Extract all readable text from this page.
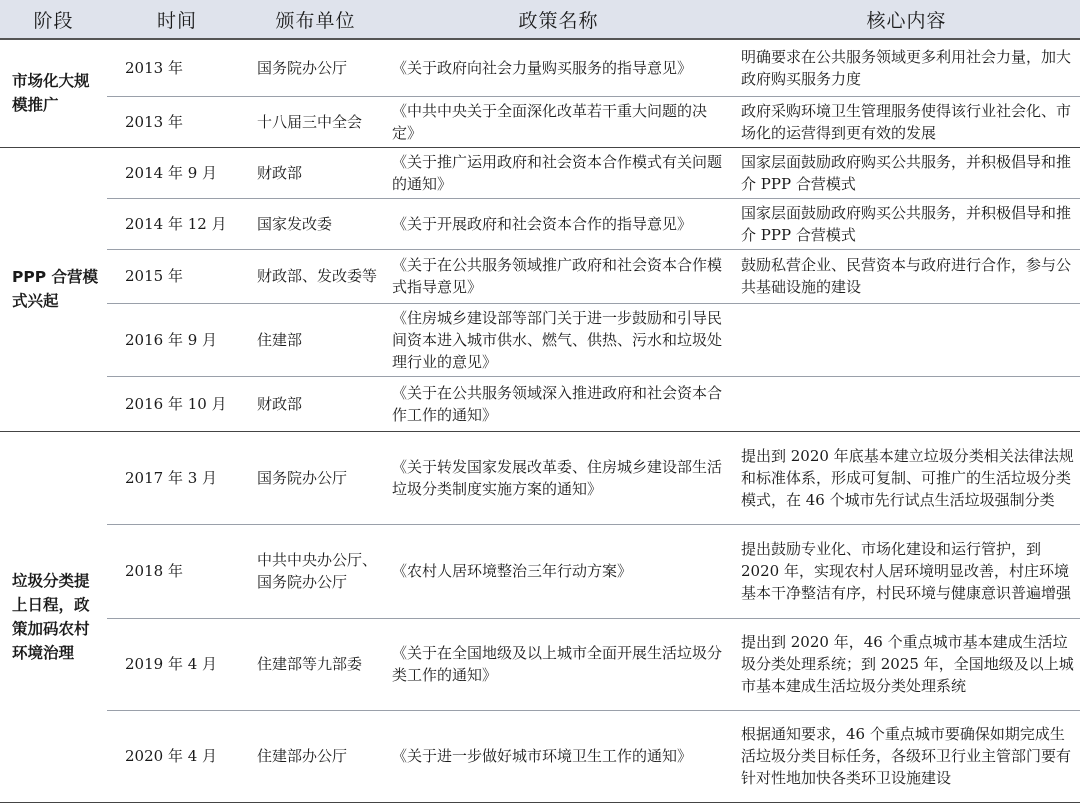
阶段	时间	颁布单位	政策名称	核心内容
市场化大规模推广	2013 年	国务院办公厅	《关于政府向社会力量购买服务的指导意见》	明确要求在公共服务领域更多利用社会力量，加大政府购买服务力度
	2013 年	十八届三中全会	《中共中央关于全面深化改革若干重大问题的决定》	政府采购环境卫生管理服务使得该行业社会化、市场化的运营得到更有效的发展
PPP 合营模式兴起	2014 年 9 月	财政部	《关于推广运用政府和社会资本合作模式有关问题的通知》	国家层面鼓励政府购买公共服务，并积极倡导和推介 PPP 合营模式
	2014 年 12 月	国家发改委	《关于开展政府和社会资本合作的指导意见》	国家层面鼓励政府购买公共服务，并积极倡导和推介 PPP 合营模式
	2015 年	财政部、发改委等	《关于在公共服务领域推广政府和社会资本合作模式指导意见》	鼓励私营企业、民营资本与政府进行合作，参与公共基础设施的建设
	2016 年 9 月	住建部	《住房城乡建设部等部门关于进一步鼓励和引导民间资本进入城市供水、燃气、供热、污水和垃圾处理行业的意见》	
	2016 年 10 月	财政部	《关于在公共服务领域深入推进政府和社会资本合作工作的通知》	
垃圾分类提上日程，政策加码农村环境治理	2017 年 3 月	国务院办公厅	《关于转发国家发展改革委、住房城乡建设部生活垃圾分类制度实施方案的通知》	提出到 2020 年底基本建立垃圾分类相关法律法规和标准体系，形成可复制、可推广的生活垃圾分类模式，在 46 个城市先行试点生活垃圾强制分类
	2018 年	中共中央办公厅、国务院办公厅	《农村人居环境整治三年行动方案》	提出鼓励专业化、市场化建设和运行管护，到 2020 年，实现农村人居环境明显改善，村庄环境基本干净整洁有序，村民环境与健康意识普遍增强
	2019 年 4 月	住建部等九部委	《关于在全国地级及以上城市全面开展生活垃圾分类工作的通知》	提出到 2020 年，46 个重点城市基本建成生活垃圾分类处理系统；到 2025 年，全国地级及以上城市基本建成生活垃圾分类处理系统
	2020 年 4 月	住建部办公厅	《关于进一步做好城市环境卫生工作的通知》	根据通知要求，46 个重点城市要确保如期完成生活垃圾分类目标任务，各级环卫行业主管部门要有针对性地加快各类环卫设施建设
